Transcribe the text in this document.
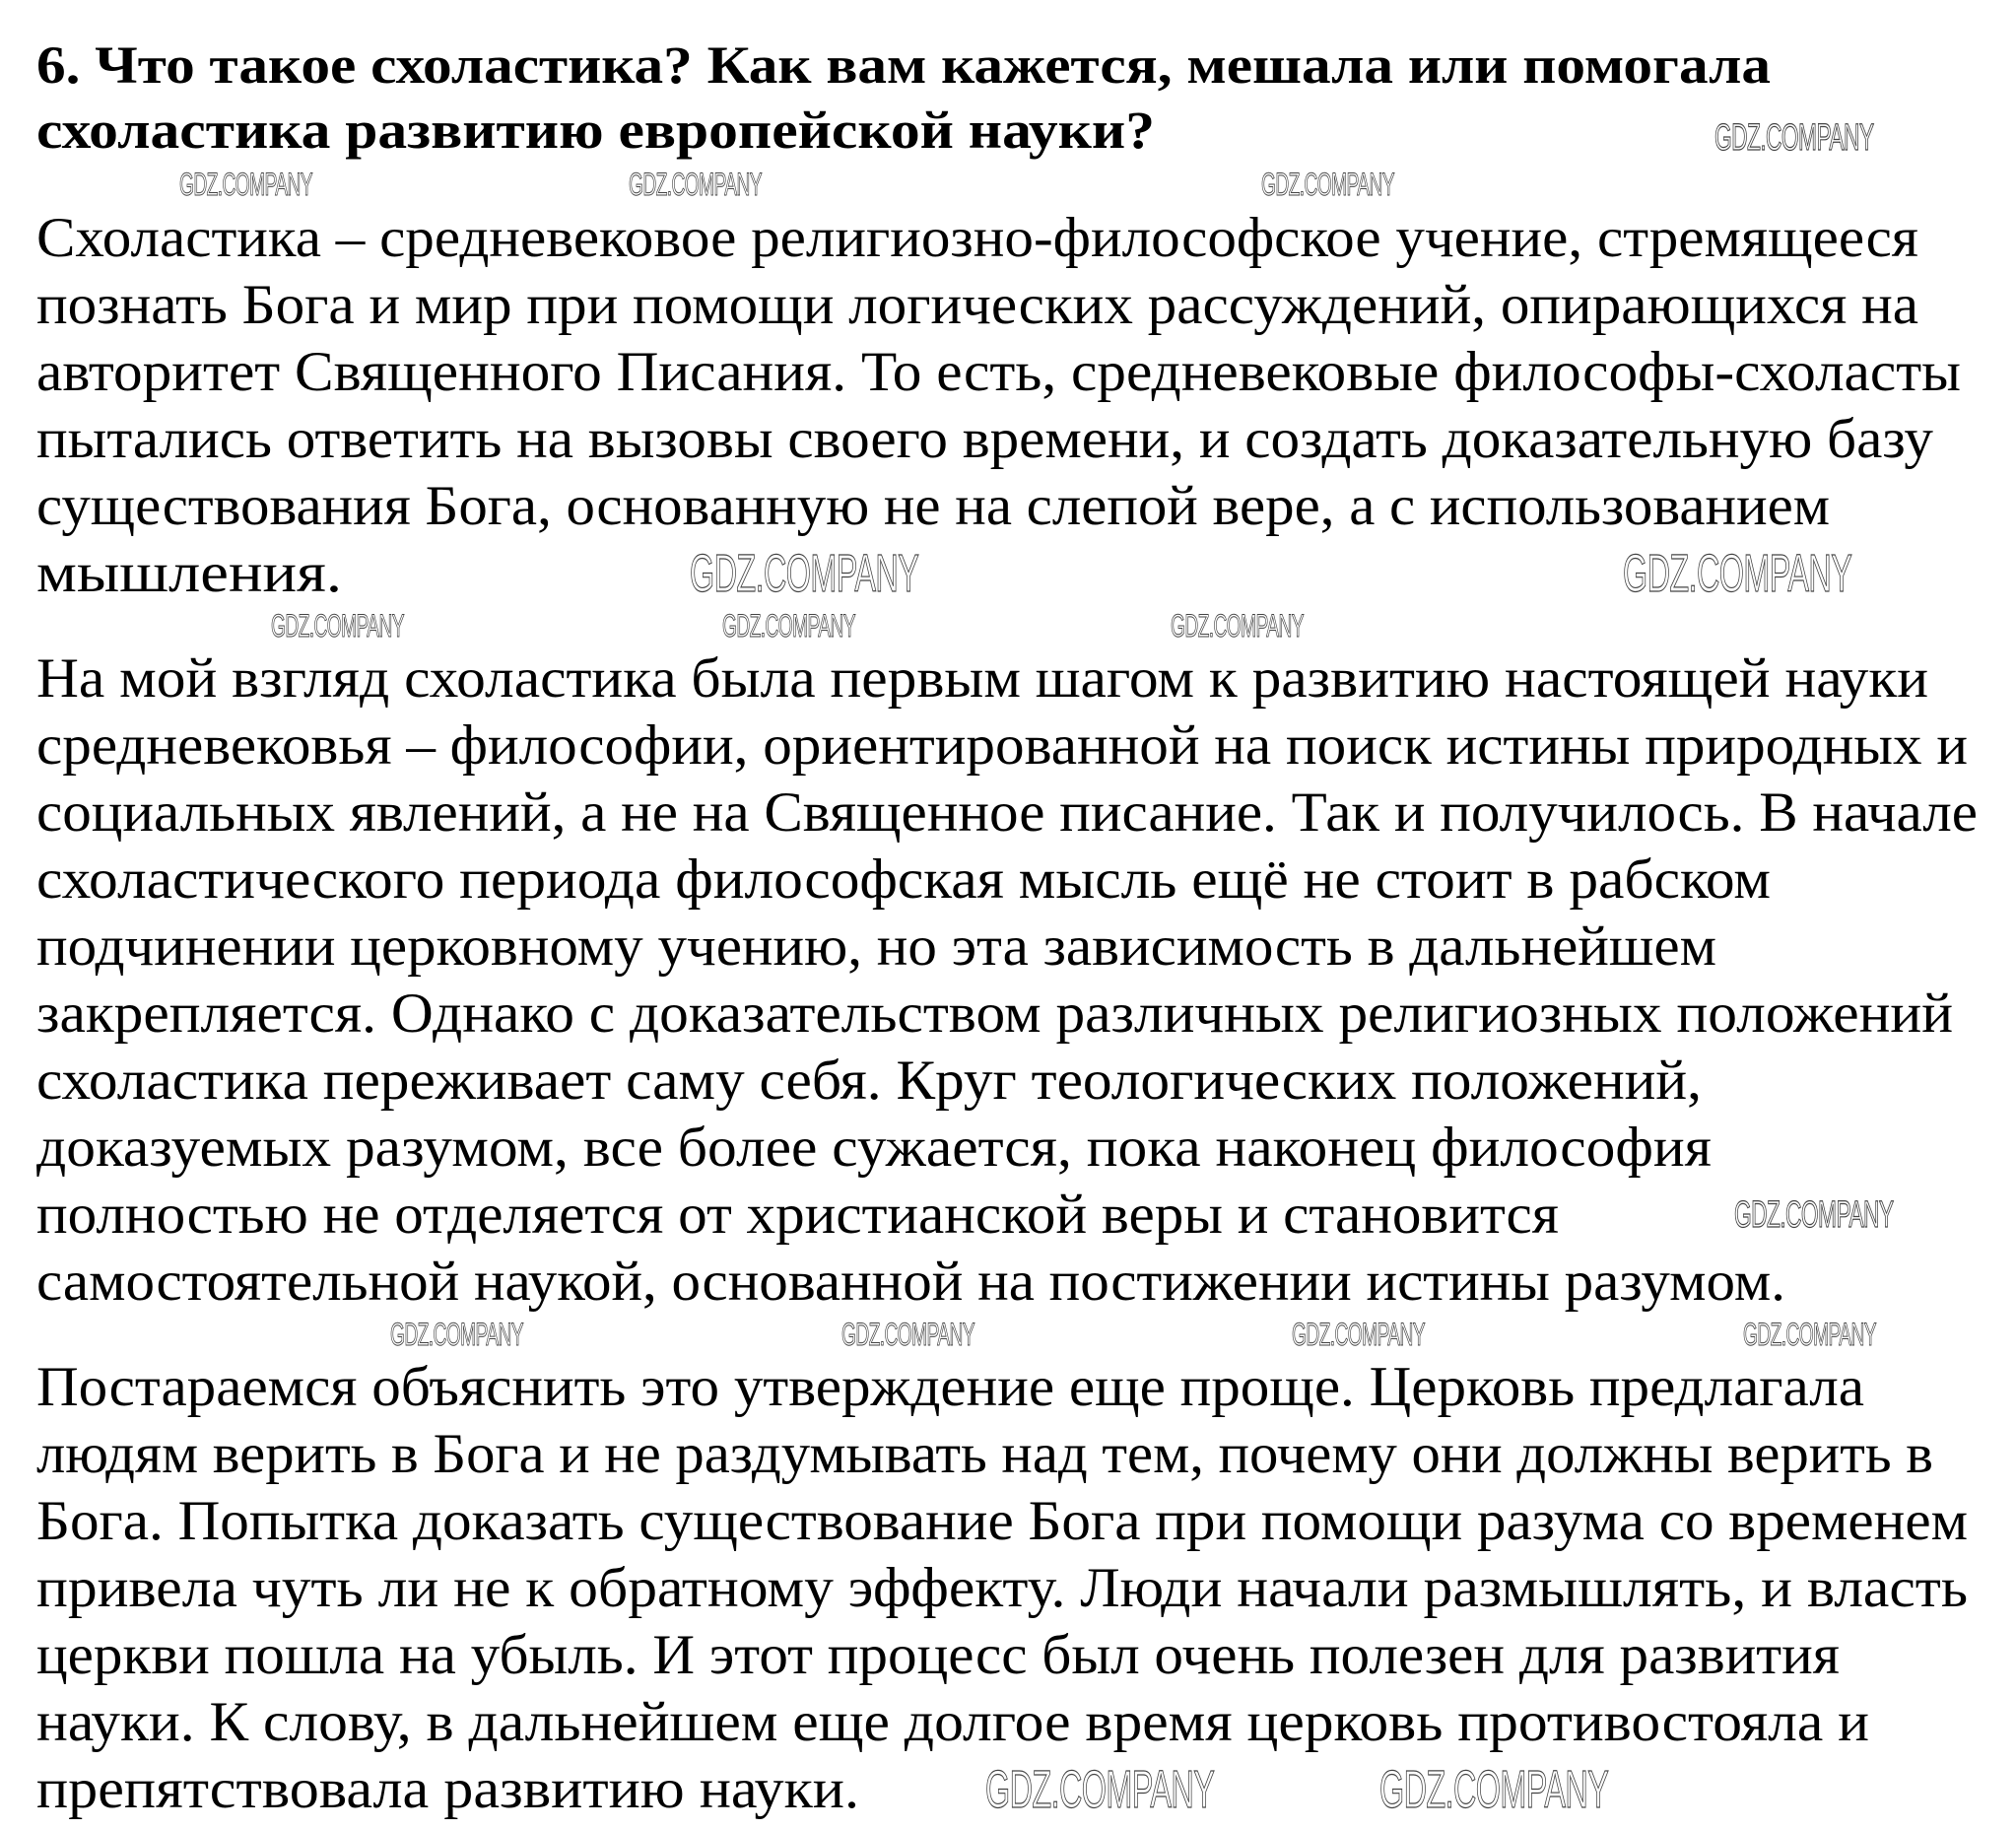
6. Что такое схоластика? Как вам кажется, мешала или помогала
схоластика развитию европейской науки?
Схоластика – средневековое религиозно-философское учение, стремящееся
познать Бога и мир при помощи логических рассуждений, опирающихся на
авторитет Священного Писания. То есть, средневековые философы-схоласты
пытались ответить на вызовы своего времени, и создать доказательную базу
существования Бога, основанную не на слепой вере, а с использованием
мышления.
На мой взгляд схоластика была первым шагом к развитию настоящей науки
средневековья – философии, ориентированной на поиск истины природных и
социальных явлений, а не на Священное писание. Так и получилось. В начале
схоластического периода философская мысль ещё не стоит в рабском
подчинении церковному учению, но эта зависимость в дальнейшем
закрепляется. Однако с доказательством различных религиозных положений
схоластика переживает саму себя. Круг теологических положений,
доказуемых разумом, все более сужается, пока наконец философия
полностью не отделяется от христианской веры и становится
самостоятельной наукой, основанной на постижении истины разумом.
Постараемся объяснить это утверждение еще проще. Церковь предлагала
людям верить в Бога и не раздумывать над тем, почему они должны верить в
Бога. Попытка доказать существование Бога при помощи разума со временем
привела чуть ли не к обратному эффекту. Люди начали размышлять, и власть
церкви пошла на убыль. И этот процесс был очень полезен для развития
науки. К слову, в дальнейшем еще долгое время церковь противостояла и
препятствовала развитию науки.
GDZ.COMPANY
GDZ.COMPANY	GDZ.COMPANY	GDZ.COMPANY
GDZ.COMPANY	GDZ.COMPANY
GDZ.COMPANY	GDZ.COMPANY	GDZ.COMPANY
GDZ.COMPANY
GDZ.COMPANY	GDZ.COMPANY	GDZ.COMPANY	GDZ.COMPANY
GDZ.COMPANY	GDZ.COMPANY
